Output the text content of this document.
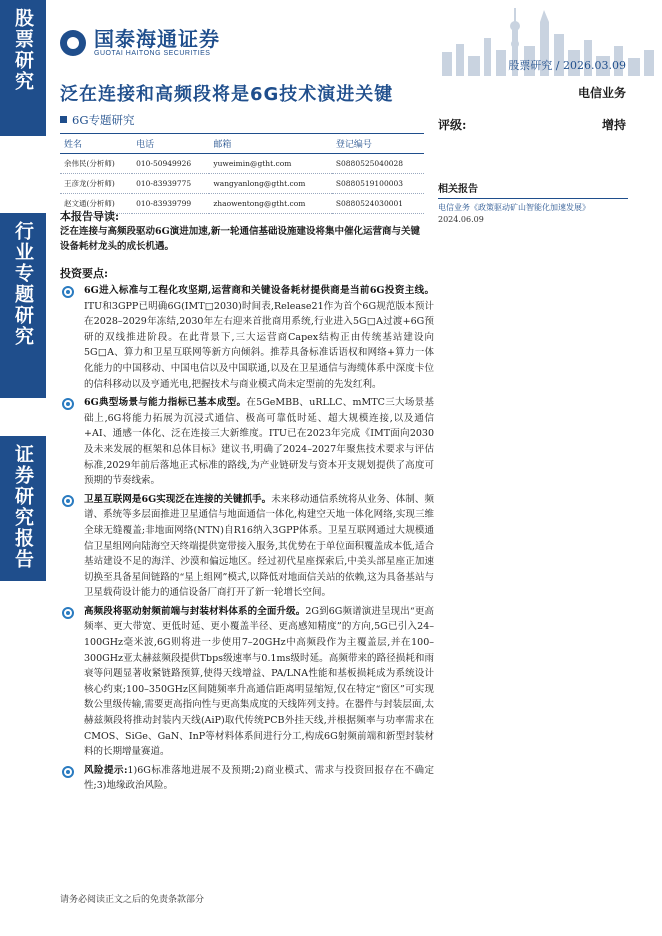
股票研究
行业专题研究
证券研究报告
国泰海通证券
GUOTAI HAITONG SECURITIES
股票研究 / 2026.03.09
泛在连接和高频段将是6G技术演进关键	电信业务
6G专题研究	评级:	增持
姓名	电话	邮箱	登记编号
余伟民(分析师)	010-50949926	yuweimin@gtht.com	S0880525040028
王彦龙(分析师)	010-83939775	wangyanlong@gtht.com	S0880519100003
赵文通(分析师)	010-83939799	zhaowentong@gtht.com	S0880524030001
相关报告
电信业务《政策驱动矿山智能化加速发展》
2024.06.09
本报告导读:
泛在连接与高频段驱动6G演进加速,新一轮通信基础设施建设将集中催化运营商与关键设备耗材龙头的成长机遇。
投资要点:
6G进入标准与工程化攻坚期,运营商和关键设备耗材提供商是当前6G投资主线。ITU和3GPP已明确6G(IMT□2030)时间表,Release21作为首个6G规范版本预计在2028–2029年冻结,2030年左右迎来首批商用系统,行业进入5G□A过渡+6G预研的双线推进阶段。在此背景下,三大运营商Capex结构正由传统基站建设向5G□A、算力和卫星互联网等新方向倾斜。推荐具备标准话语权和网络+算力一体化能力的中国移动、中国电信以及中国联通,以及在卫星通信与海缆体系中深度卡位的信科移动以及亨通光电,把握技术与商业模式尚未定型前的先发红利。
6G典型场景与能力指标已基本成型。在5GeMBB、uRLLC、mMTC三大场景基础上,6G将能力拓展为沉浸式通信、极高可靠低时延、超大规模连接,以及通信+AI、通感一体化、泛在连接三大新维度。ITU已在2023年完成《IMT面向2030及未来发展的框架和总体目标》建议书,明确了2024–2027年聚焦技术要求与评估标准,2029年前后落地正式标准的路线,为产业链研发与资本开支规划提供了高度可预期的节奏线索。
卫星互联网是6G实现泛在连接的关键抓手。未来移动通信系统将从业务、体制、频谱、系统等多层面推进卫星通信与地面通信一体化,构建空天地一体化网络,实现三维全球无缝覆盖;非地面网络(NTN)自R16纳入3GPP体系。卫星互联网通过大规模通信卫星组网向陆海空天终端提供宽带接入服务,其优势在于单位面积覆盖成本低,适合基站建设不足的海洋、沙漠和偏远地区。经过初代星座探索后,中美头部星座正加速切换至具备星间链路的“星上组网”模式,以降低对地面信关站的依赖,这为具备基站与卫星载荷设计能力的通信设备厂商打开了新一轮增长空间。
高频段将驱动射频前端与封装材料体系的全面升级。2G到6G频谱演进呈现出“更高频率、更大带宽、更低时延、更小覆盖半径、更高感知精度”的方向,5G已引入24–100GHz毫米波,6G则将进一步使用7–20GHz中高频段作为主覆盖层,并在100–300GHz亚太赫兹频段提供Tbps级速率与0.1ms级时延。高频带来的路径损耗和雨衰等问题显著收紧链路预算,使得天线增益、PA/LNA性能和基板损耗成为系统设计核心约束;100–350GHz区间随频率升高通信距离明显缩短,仅在特定“窗区”可实现数公里级传输,需要更高指向性与更高集成度的天线阵列支持。在器件与封装层面,太赫兹频段将推动封装内天线(AiP)取代传统PCB外挂天线,并根据频率与功率需求在CMOS、SiGe、GaN、InP等材料体系间进行分工,构成6G射频前端和新型封装材料的长期增量赛道。
风险提示:1)6G标准落地进展不及预期;2)商业模式、需求与投资回报存在不确定性;3)地缘政治风险。
请务必阅读正文之后的免责条款部分
